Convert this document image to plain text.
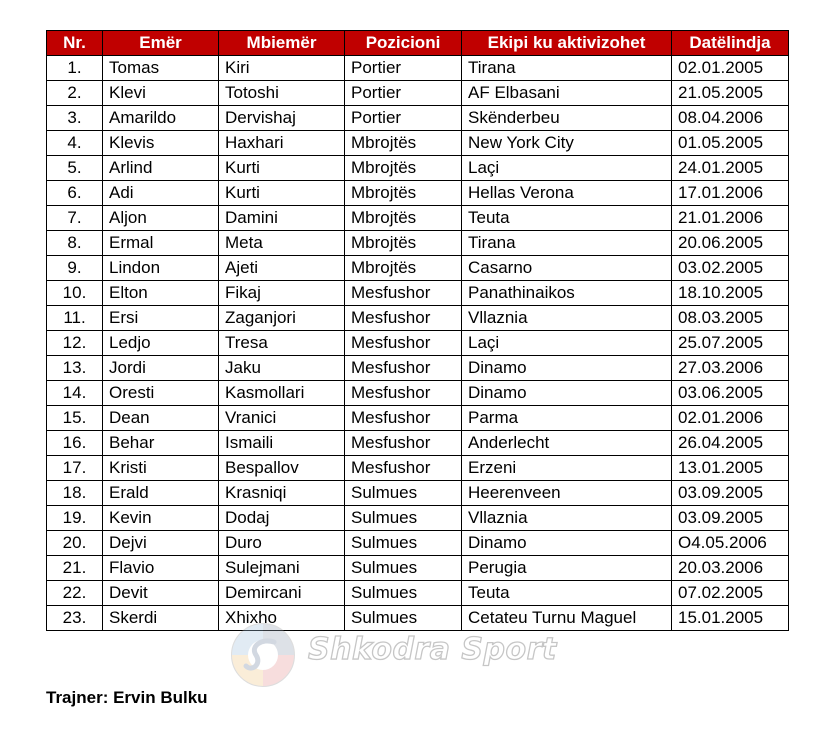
Nr.	Emër	Mbiemër	Pozicioni	Ekipi ku aktivizohet	Datëlindja
1.	Tomas	Kiri	Portier	Tirana	02.01.2005
2.	Klevi	Totoshi	Portier	AF Elbasani	21.05.2005
3.	Amarildo	Dervishaj	Portier	Skënderbeu	08.04.2006
4.	Klevis	Haxhari	Mbrojtës	New York City	01.05.2005
5.	Arlind	Kurti	Mbrojtës	Laçi	24.01.2005
6.	Adi	Kurti	Mbrojtës	Hellas Verona	17.01.2006
7.	Aljon	Damini	Mbrojtës	Teuta	21.01.2006
8.	Ermal	Meta	Mbrojtës	Tirana	20.06.2005
9.	Lindon	Ajeti	Mbrojtës	Casarno	03.02.2005
10.	Elton	Fikaj	Mesfushor	Panathinaikos	18.10.2005
11.	Ersi	Zaganjori	Mesfushor	Vllaznia	08.03.2005
12.	Ledjo	Tresa	Mesfushor	Laçi	25.07.2005
13.	Jordi	Jaku	Mesfushor	Dinamo	27.03.2006
14.	Oresti	Kasmollari	Mesfushor	Dinamo	03.06.2005
15.	Dean	Vranici	Mesfushor	Parma	02.01.2006
16.	Behar	Ismaili	Mesfushor	Anderlecht	26.04.2005
17.	Kristi	Bespallov	Mesfushor	Erzeni	13.01.2005
18.	Erald	Krasniqi	Sulmues	Heerenveen	03.09.2005
19.	Kevin	Dodaj	Sulmues	Vllaznia	03.09.2005
20.	Dejvi	Duro	Sulmues	Dinamo	O4.05.2006
21.	Flavio	Sulejmani	Sulmues	Perugia	20.03.2006
22.	Devit	Demircani	Sulmues	Teuta	07.02.2005
23.	Skerdi	Xhixho	Sulmues	Cetateu Turnu Maguel	15.01.2005
Shkodra Sport
Trajner: Ervin Bulku
